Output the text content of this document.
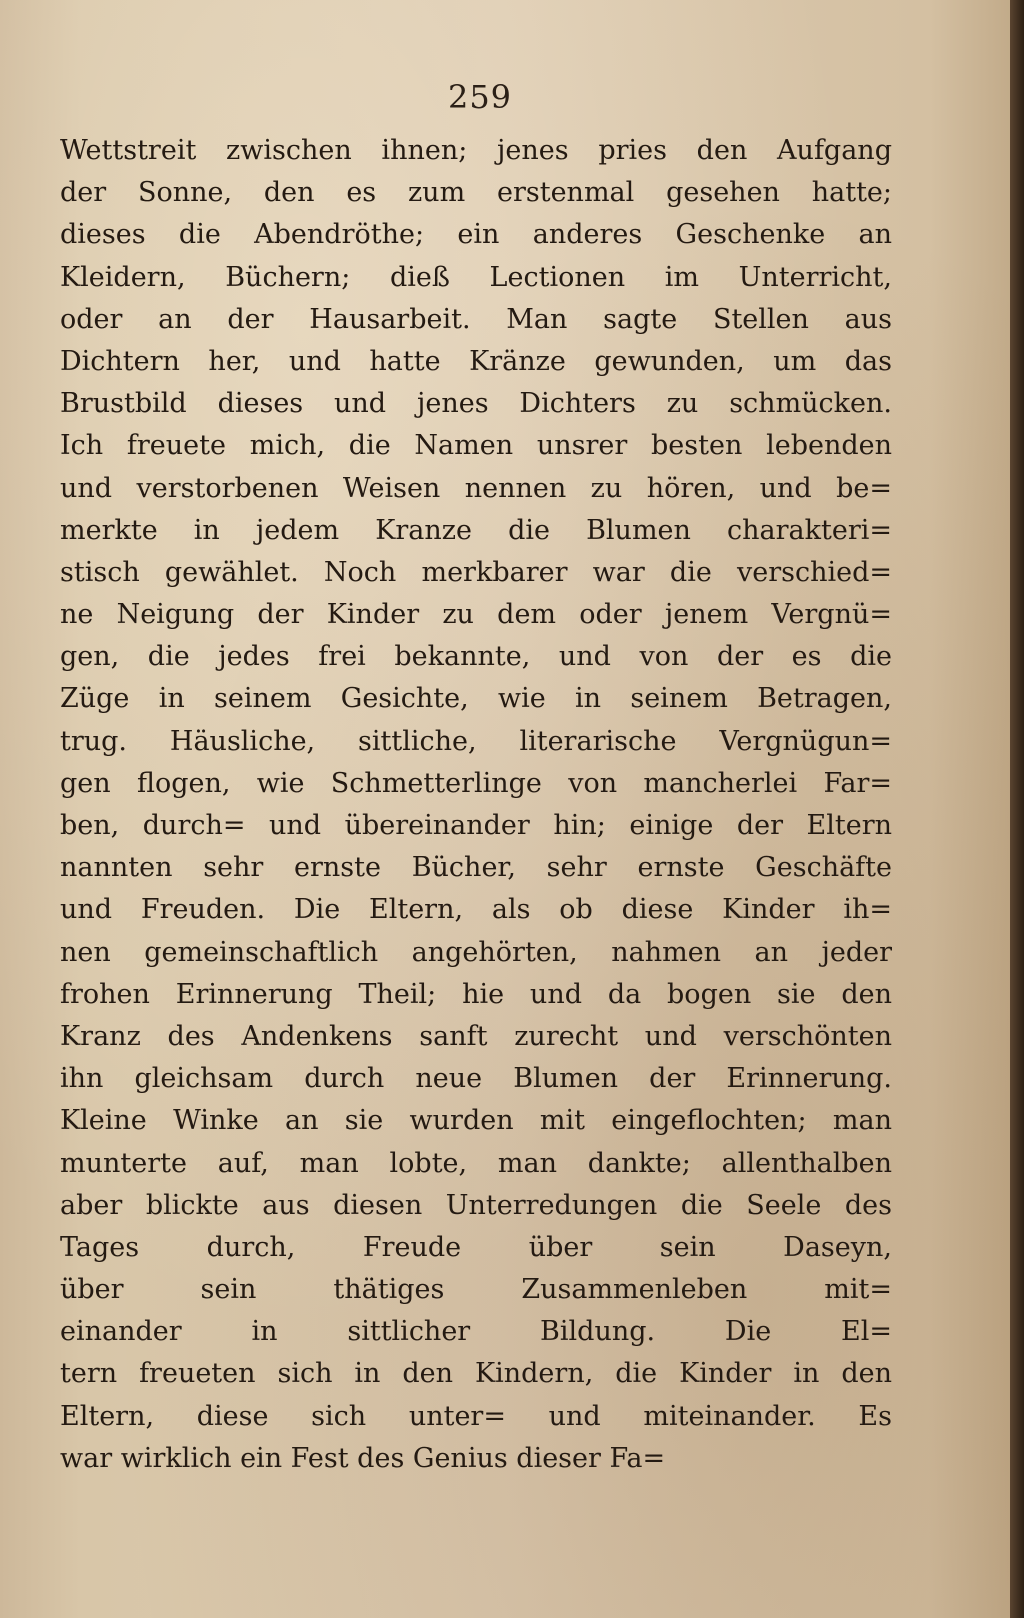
259
Wettstreit zwischen ihnen; jenes pries den Aufgang
der Sonne, den es zum erstenmal gesehen hatte;
dieses die Abendröthe; ein anderes Geschenke an
Kleidern, Büchern; dieß Lectionen im Unterricht,
oder an der Hausarbeit. Man sagte Stellen aus
Dichtern her, und hatte Kränze gewunden, um das
Brustbild dieses und jenes Dichters zu schmücken.
Ich freuete mich, die Namen unsrer besten lebenden
und verstorbenen Weisen nennen zu hören, und be=
merkte in jedem Kranze die Blumen charakteri=
stisch gewählet. Noch merkbarer war die verschied=
ne Neigung der Kinder zu dem oder jenem Vergnü=
gen, die jedes frei bekannte, und von der es die
Züge in seinem Gesichte, wie in seinem Betragen,
trug. Häusliche, sittliche, literarische Vergnügun=
gen flogen, wie Schmetterlinge von mancherlei Far=
ben, durch= und übereinander hin; einige der Eltern
nannten sehr ernste Bücher, sehr ernste Geschäfte
und Freuden. Die Eltern, als ob diese Kinder ih=
nen gemeinschaftlich angehörten, nahmen an jeder
frohen Erinnerung Theil; hie und da bogen sie den
Kranz des Andenkens sanft zurecht und verschönten
ihn gleichsam durch neue Blumen der Erinnerung.
Kleine Winke an sie wurden mit eingeflochten; man
munterte auf, man lobte, man dankte; allenthalben
aber blickte aus diesen Unterredungen die Seele des
Tages durch, Freude über sein Daseyn,
über sein thätiges Zusammenleben mit=
einander in sittlicher Bildung. Die El=
tern freueten sich in den Kindern, die Kinder in den
Eltern, diese sich unter= und miteinander. Es
war wirklich ein Fest des Genius dieser Fa=
